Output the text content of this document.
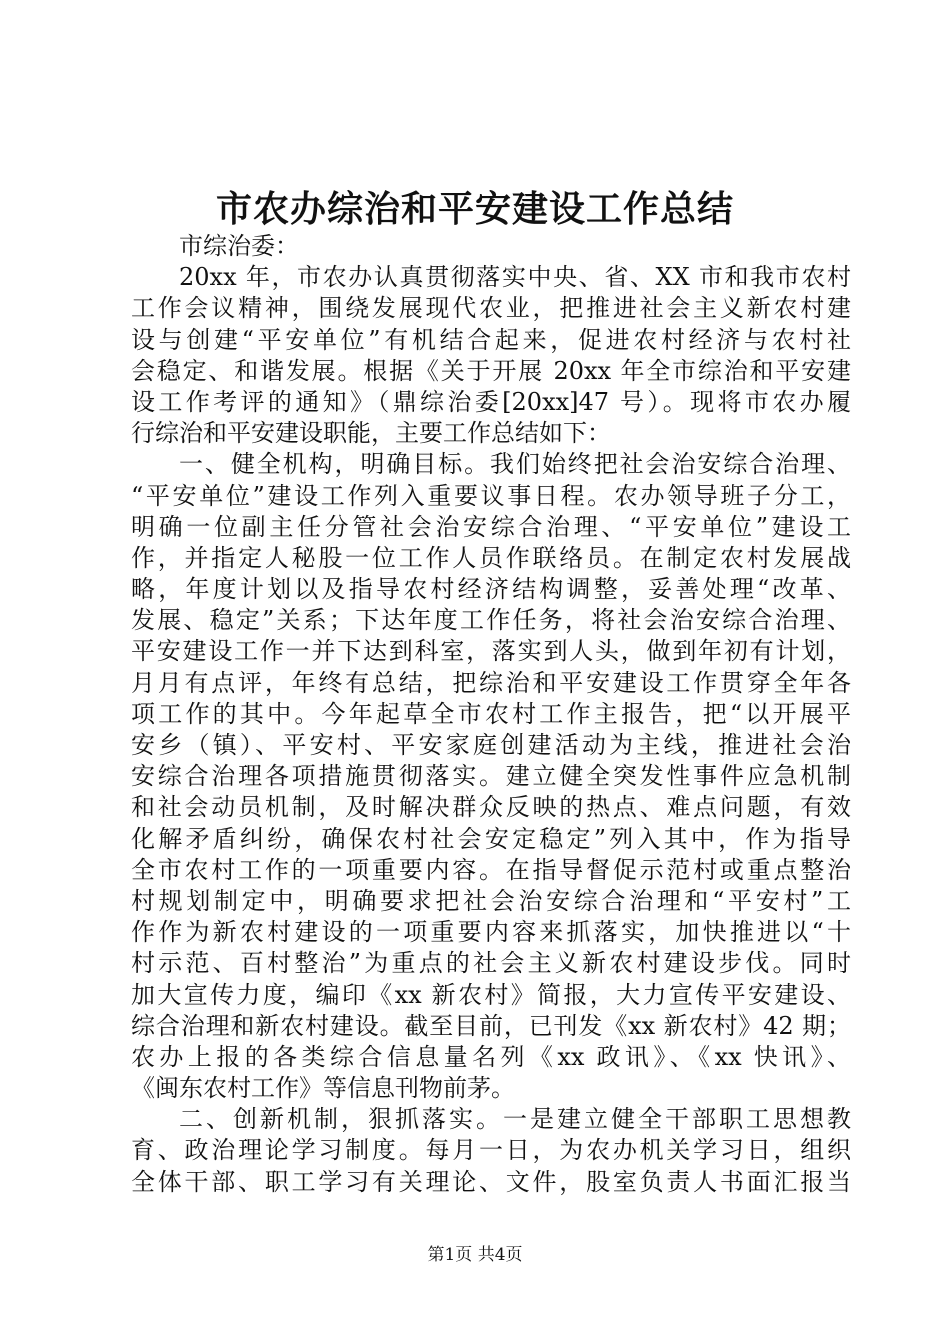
市农办综治和平安建设工作总结
市综治委：
20xx 年，市农办认真贯彻落实中央、省、XX 市和我市农村
工作会议精神，围绕发展现代农业，把推进社会主义新农村建
设与创建“平安单位”有机结合起来，促进农村经济与农村社
会稳定、和谐发展。根据《关于开展 20xx 年全市综治和平安建
设工作考评的通知》（鼎综治委[20xx]47 号）。现将市农办履
行综治和平安建设职能，主要工作总结如下：
一、健全机构，明确目标。我们始终把社会治安综合治理、
“平安单位”建设工作列入重要议事日程。农办领导班子分工，
明确一位副主任分管社会治安综合治理、“平安单位”建设工
作，并指定人秘股一位工作人员作联络员。在制定农村发展战
略，年度计划以及指导农村经济结构调整，妥善处理“改革、
发展、稳定”关系；下达年度工作任务，将社会治安综合治理、
平安建设工作一并下达到科室，落实到人头，做到年初有计划，
月月有点评，年终有总结，把综治和平安建设工作贯穿全年各
项工作的其中。今年起草全市农村工作主报告，把“以开展平
安乡（镇）、平安村、平安家庭创建活动为主线，推进社会治
安综合治理各项措施贯彻落实。建立健全突发性事件应急机制
和社会动员机制，及时解决群众反映的热点、难点问题，有效
化解矛盾纠纷，确保农村社会安定稳定”列入其中，作为指导
全市农村工作的一项重要内容。在指导督促示范村或重点整治
村规划制定中，明确要求把社会治安综合治理和“平安村”工
作作为新农村建设的一项重要内容来抓落实，加快推进以“十
村示范、百村整治”为重点的社会主义新农村建设步伐。同时
加大宣传力度，编印《xx 新农村》简报，大力宣传平安建设、
综合治理和新农村建设。截至目前，已刊发《xx 新农村》42 期；
农办上报的各类综合信息量名列《xx 政讯》、《xx 快讯》、
《闽东农村工作》等信息刊物前茅。
二、创新机制，狠抓落实。一是建立健全干部职工思想教
育、政治理论学习制度。每月一日，为农办机关学习日，组织
全体干部、职工学习有关理论、文件，股室负责人书面汇报当
第1页 共4页
